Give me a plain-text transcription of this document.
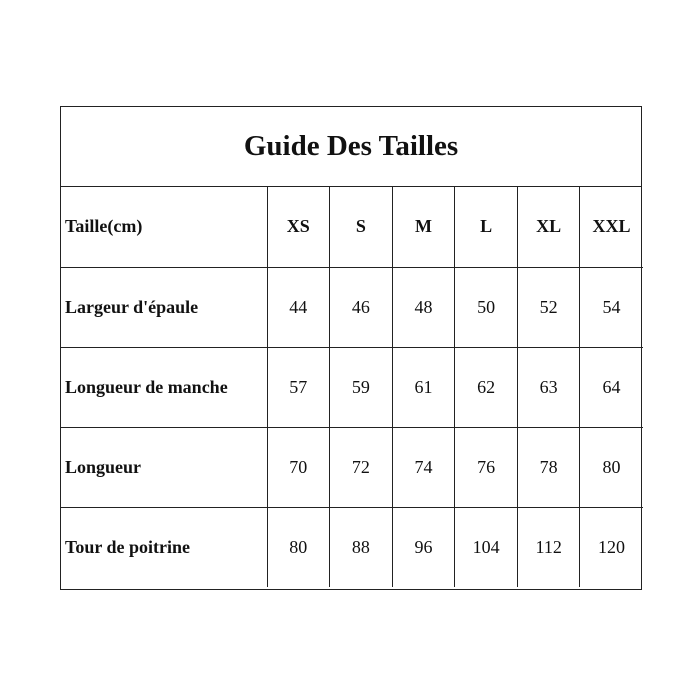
Guide Des Tailles
Taille(cm)	XS	S	M	L	XL	XXL
Largeur d'épaule	44	46	48	50	52	54
Longueur de manche	57	59	61	62	63	64
Longueur	70	72	74	76	78	80
Tour de poitrine	80	88	96	104	112	120
